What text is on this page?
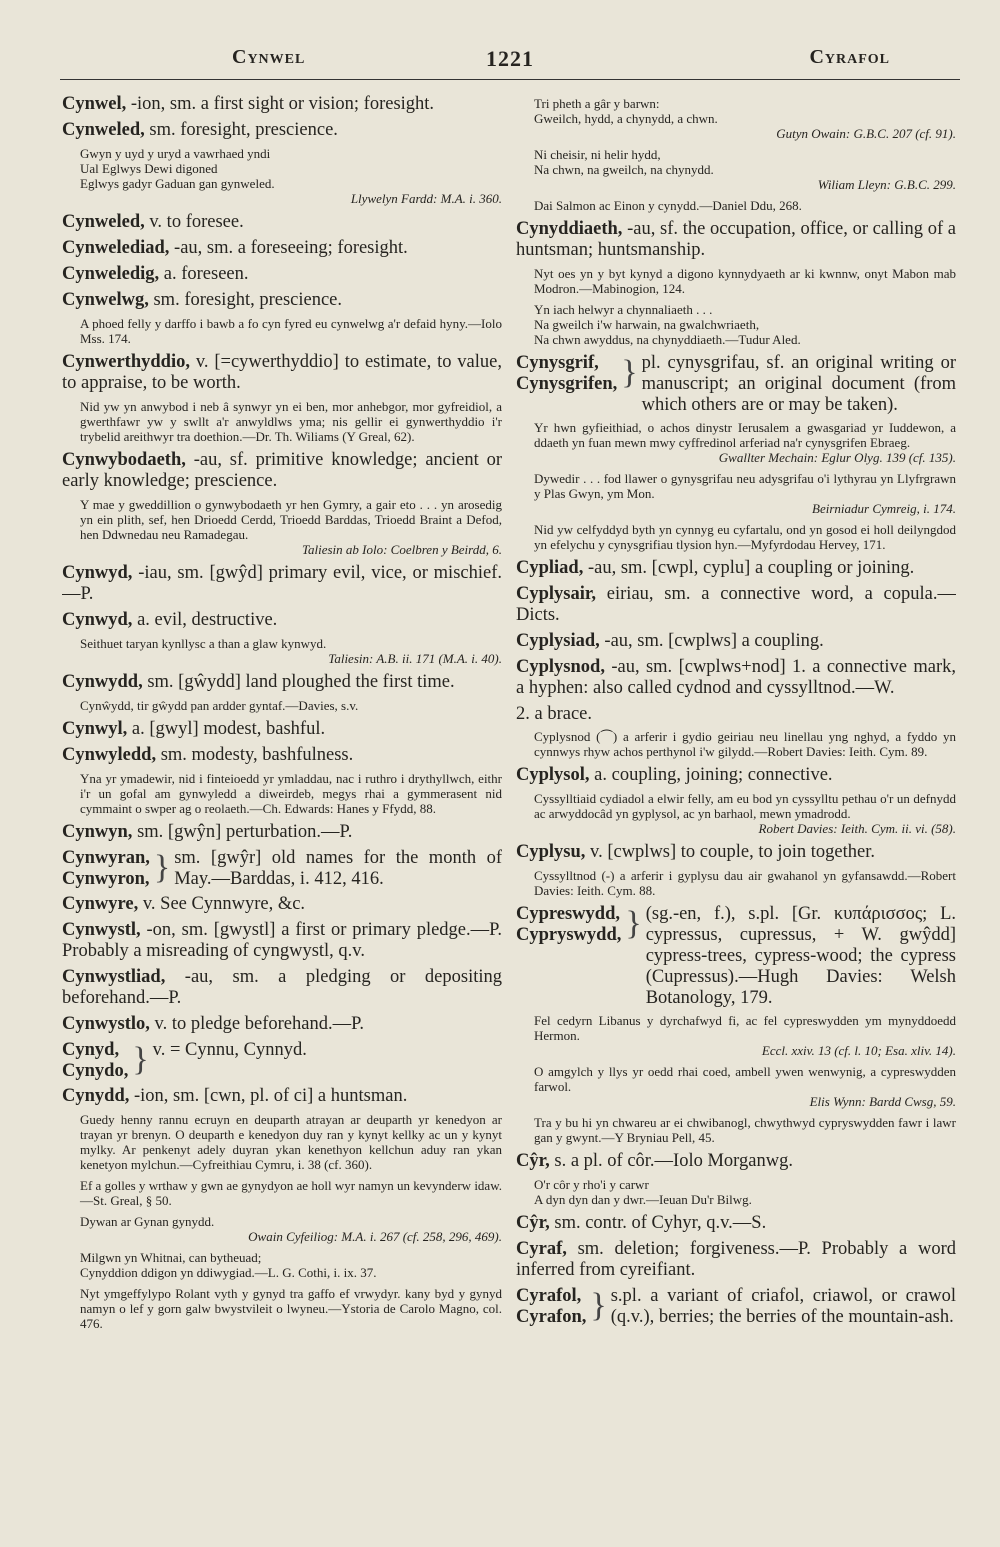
Cynwel	1221	Cyrafol
Cynwel, -ion, sm. a first sight or vision; foresight.
Cynweled, sm. foresight, prescience.
Gwyn y uyd y uryd a vawrhaed yndi
Ual Eglwys Dewi digoned
Eglwys gadyr Gaduan gan gynweled.
Llywelyn Fardd: M.A. i. 360.
Cynweled, v. to foresee.
Cynwelediad, -au, sm. a foreseeing; foresight.
Cynweledig, a. foreseen.
Cynwelwg, sm. foresight, prescience.
A phoed felly y darffo i bawb a fo cyn fyred eu cynwelwg a'r defaid hyny.—Iolo Mss. 174.
Cynwerthyddio, v. [=cywerthyddio] to estimate, to value, to appraise, to be worth.
Nid yw yn anwybod i neb â synwyr yn ei ben, mor anhebgor, mor gyfreidiol, a gwerthfawr yw y swllt a'r anwyldlws yma; nis gellir ei gynwerthyddio i'r trybelid areithwyr tra doethion.—Dr. Th. Wiliams (Y Greal, 62).
Cynwybodaeth, -au, sf. primitive knowledge; ancient or early knowledge; prescience.
Y mae y gweddillion o gynwybodaeth yr hen Gymry, a gair eto . . . yn arosedig yn ein plith, sef, hen Drioedd Cerdd, Trioedd Barddas, Trioedd Braint a Defod, hen Ddwnedau neu Ramadegau.
Taliesin ab Iolo: Coelbren y Beirdd, 6.
Cynwyd, -iau, sm. [gwŷd] primary evil, vice, or mischief.—P.
Cynwyd, a. evil, destructive.
Seithuet taryan kynllysc a than a glaw kynwyd.
Taliesin: A.B. ii. 171 (M.A. i. 40).
Cynwydd, sm. [gŵydd] land ploughed the first time.
Cynŵydd, tir gŵydd pan ardder gyntaf.—Davies, s.v.
Cynwyl, a. [gwyl] modest, bashful.
Cynwyledd, sm. modesty, bashfulness.
Yna yr ymadewir, nid i finteioedd yr ymladdau, nac i ruthro i drythyllwch, eithr i'r un gofal am gynwyledd a diweirdeb, megys rhai a gymmerasent nid cymmaint o swper ag o reolaeth.—Ch. Edwards: Hanes y Ffydd, 88.
Cynwyn, sm. [gwŷn] perturbation.—P.
Cynwyran,
Cynwyron, } sm. [gwŷr] old names for the month of May.—Barddas, i. 412, 416.
Cynwyre, v. See Cynnwyre, &c.
Cynwystl, -on, sm. [gwystl] a first or primary pledge.—P. Probably a misreading of cyngwystl, q.v.
Cynwystliad, -au, sm. a pledging or depositing beforehand.—P.
Cynwystlo, v. to pledge beforehand.—P.
Cynyd,
Cynydo, } v. = Cynnu, Cynnyd.
Cynydd, -ion, sm. [cwn, pl. of ci] a huntsman.
Guedy henny rannu ecruyn en deuparth atrayan ar deuparth yr kenedyon ar trayan yr brenyn. O deuparth e kenedyon duy ran y kynyt kellky ac un y kynyt mylky. Ar penkenyt adely duyran ykan kenethyon kellchun aduy ran ykan kenetyon mylchun.—Cyfreithiau Cymru, i. 38 (cf. 360).
Ef a golles y wrthaw y gwn ae gynydyon ae holl wyr namyn un kevynderw idaw.—St. Greal, § 50.
Dywan ar Gynan gynydd.
Owain Cyfeiliog: M.A. i. 267 (cf. 258, 296, 469).
Milgwn yn Whitnai, can bytheuad;
Cynyddion ddigon yn ddiwygiad.—L. G. Cothi, i. ix. 37.
Nyt ymgeffylypo Rolant vyth y gynyd tra gaffo ef vrwydyr. kany byd y gynyd namyn o lef y gorn galw bwystvileit o lwyneu.—Ystoria de Carolo Magno, col. 476.
Tri pheth a gâr y barwn:
Gweilch, hydd, a chynydd, a chwn.
Gutyn Owain: G.B.C. 207 (cf. 91).
Ni cheisir, ni helir hydd,
Na chwn, na gweilch, na chynydd.
Wiliam Lleyn: G.B.C. 299.
Dai Salmon ac Einon y cynydd.—Daniel Ddu, 268.
Cynyddiaeth, -au, sf. the occupation, office, or calling of a huntsman; huntsmanship.
Nyt oes yn y byt kynyd a digono kynnydyaeth ar ki kwnnw, onyt Mabon mab Modron.—Mabinogion, 124.
Yn iach helwyr a chynnaliaeth . . .
Na gweilch i'w harwain, na gwalchwriaeth,
Na chwn awyddus, na chynyddiaeth.—Tudur Aled.
Cynysgrif,
Cynysgrifen, } pl. cynysgrifau, sf. an original writing or manuscript; an original document (from which others are or may be taken).
Yr hwn gyfieithiad, o achos dinystr Ierusalem a gwasgariad yr Iuddewon, a ddaeth yn fuan mewn mwy cyffredinol arferiad na'r cynysgrifen Ebraeg.
Gwallter Mechain: Eglur Olyg. 139 (cf. 135).
Dywedir . . . fod llawer o gynysgrifau neu adysgrifau o'i lythyrau yn Llyfrgrawn y Plas Gwyn, ym Mon.
Beirniadur Cymreig, i. 174.
Nid yw celfyddyd byth yn cynnyg eu cyfartalu, ond yn gosod ei holl deilyngdod yn efelychu y cynysgrifiau tlysion hyn.—Myfyrdodau Hervey, 171.
Cypliad, -au, sm. [cwpl, cyplu] a coupling or joining.
Cyplysair, eiriau, sm. a connective word, a copula.—Dicts.
Cyplysiad, -au, sm. [cwplws] a coupling.
Cyplysnod, -au, sm. [cwplws+nod] 1. a connective mark, a hyphen: also called cydnod and cyssylltnod.—W.
2. a brace.
Cyplysnod (⏜) a arferir i gydio geiriau neu linellau yng nghyd, a fyddo yn cynnwys rhyw achos perthynol i'w gilydd.—Robert Davies: Ieith. Cym. 89.
Cyplysol, a. coupling, joining; connective.
Cyssylltiaid cydiadol a elwir felly, am eu bod yn cyssylltu pethau o'r un defnydd ac arwyddocâd yn gyplysol, ac yn barhaol, mewn ymadrodd.
Robert Davies: Ieith. Cym. ii. vi. (58).
Cyplysu, v. [cwplws] to couple, to join together.
Cyssylltnod (-) a arferir i gyplysu dau air gwahanol yn gyfansawdd.—Robert Davies: Ieith. Cym. 88.
Cypreswydd,
Cypryswydd, } (sg.-en, f.), s.pl. [Gr. κυπάρισσος; L. cypressus, cupressus, + W. gwŷdd] cypress-trees, cypress-wood; the cypress (Cupressus).—Hugh Davies: Welsh Botanology, 179.
Fel cedyrn Libanus y dyrchafwyd fi, ac fel cypreswydden ym mynyddoedd Hermon.
Eccl. xxiv. 13 (cf. l. 10; Esa. xliv. 14).
O amgylch y llys yr oedd rhai coed, ambell ywen wenwynig, a cypreswydden farwol.
Elis Wynn: Bardd Cwsg, 59.
Tra y bu hi yn chwareu ar ei chwibanogl, chwythwyd cypryswydden fawr i lawr gan y gwynt.—Y Bryniau Pell, 45.
Cŷr, s. a pl. of côr.—Iolo Morganwg.
O'r côr y rho'i y carwr
A dyn dyn dan y dwr.—Ieuan Du'r Bilwg.
Cŷr, sm. contr. of Cyhyr, q.v.—S.
Cyraf, sm. deletion; forgiveness.—P. Probably a word inferred from cyreifiant.
Cyrafol,
Cyrafon, } s.pl. a variant of criafol, criawol, or crawol (q.v.), berries; the berries of the mountain-ash.
